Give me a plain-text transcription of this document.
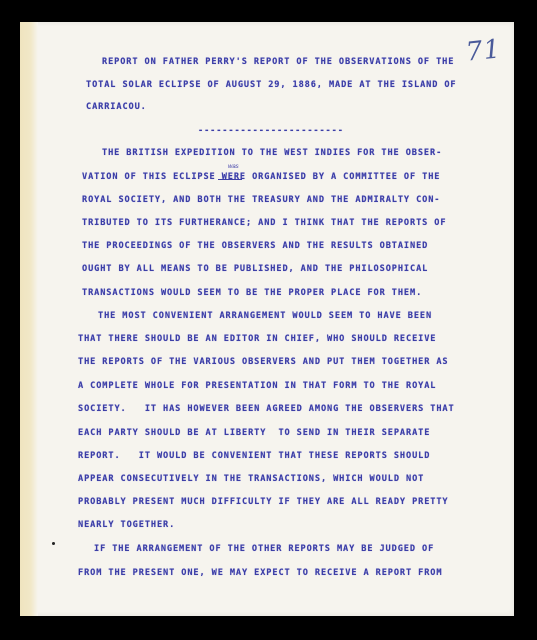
71
REPORT ON FATHER PERRY'S REPORT OF THE OBSERVATIONS OF THE
TOTAL SOLAR ECLIPSE OF AUGUST 29, 1886, MADE AT THE ISLAND OF
CARRIACOU.
------------------------
was
THE BRITISH EXPEDITION TO THE WEST INDIES FOR THE OBSER-
VATION OF THIS ECLIPSE WERE ORGANISED BY A COMMITTEE OF THE
ROYAL SOCIETY, AND BOTH THE TREASURY AND THE ADMIRALTY CON-
TRIBUTED TO ITS FURTHERANCE; AND I THINK THAT THE REPORTS OF
THE PROCEEDINGS OF THE OBSERVERS AND THE RESULTS OBTAINED
OUGHT BY ALL MEANS TO BE PUBLISHED, AND THE PHILOSOPHICAL
TRANSACTIONS WOULD SEEM TO BE THE PROPER PLACE FOR THEM.
THE MOST CONVENIENT ARRANGEMENT WOULD SEEM TO HAVE BEEN
THAT THERE SHOULD BE AN EDITOR IN CHIEF, WHO SHOULD RECEIVE
THE REPORTS OF THE VARIOUS OBSERVERS AND PUT THEM TOGETHER AS
A COMPLETE WHOLE FOR PRESENTATION IN THAT FORM TO THE ROYAL
SOCIETY.   IT HAS HOWEVER BEEN AGREED AMONG THE OBSERVERS THAT
EACH PARTY SHOULD BE AT LIBERTY  TO SEND IN THEIR SEPARATE
REPORT.   IT WOULD BE CONVENIENT THAT THESE REPORTS SHOULD
APPEAR CONSECUTIVELY IN THE TRANSACTIONS, WHICH WOULD NOT
PROBABLY PRESENT MUCH DIFFICULTY IF THEY ARE ALL READY PRETTY
NEARLY TOGETHER.
IF THE ARRANGEMENT OF THE OTHER REPORTS MAY BE JUDGED OF
FROM THE PRESENT ONE, WE MAY EXPECT TO RECEIVE A REPORT FROM
